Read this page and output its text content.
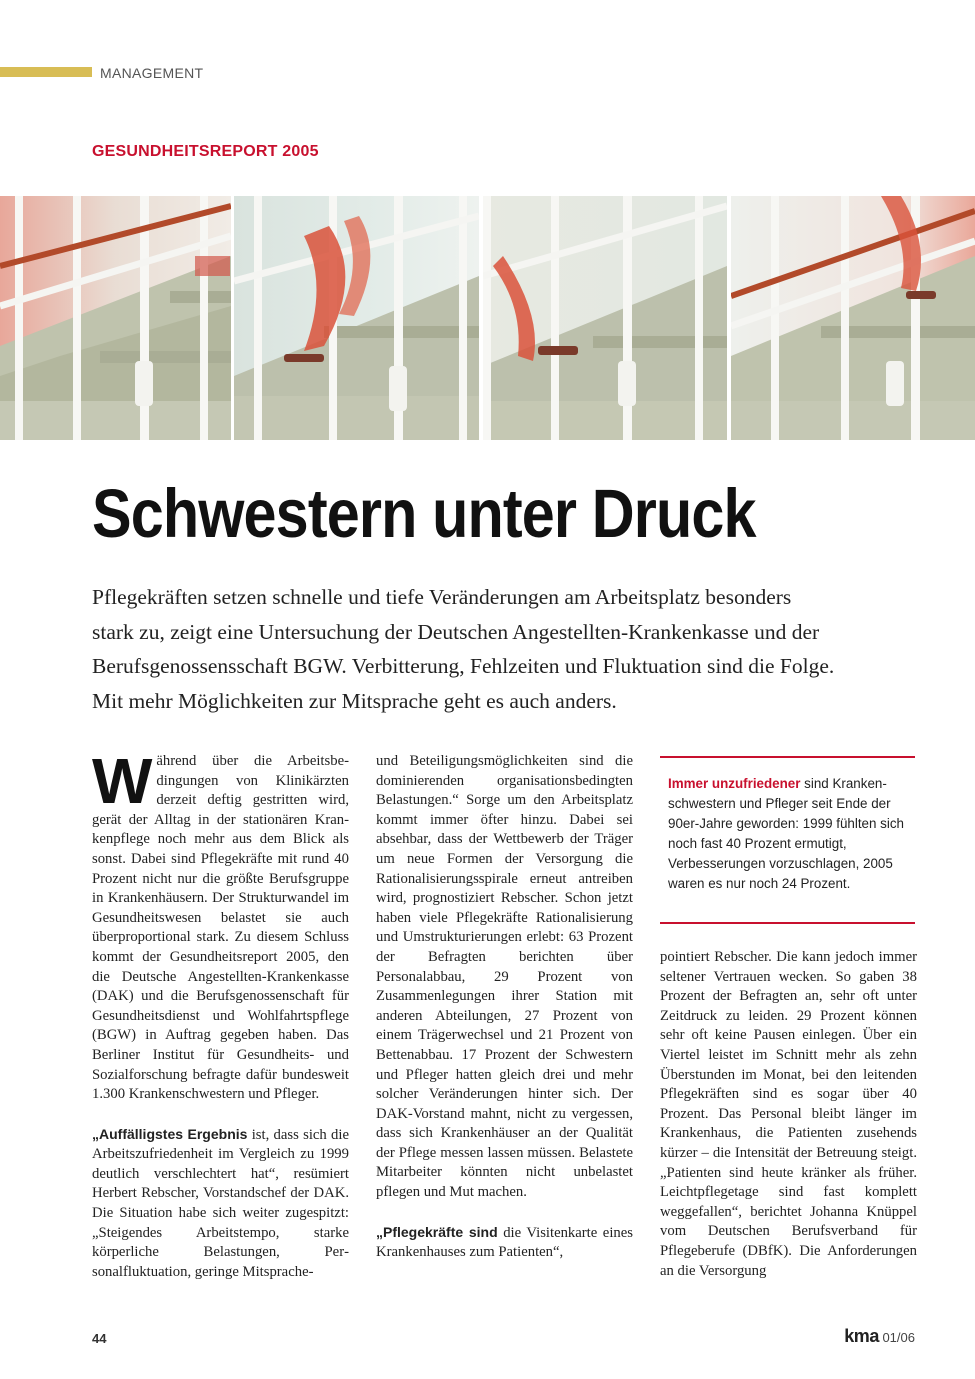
MANAGEMENT
GESUNDHEITSREPORT 2005
Schwestern unter Druck
Pflegekräften setzen schnelle und tiefe Veränderungen am Arbeitsplatz besonders
stark zu, zeigt eine Untersuchung der Deutschen Angestellten-Krankenkasse und der
Berufsgenossensschaft BGW. Verbitterung, Fehlzeiten und Fluktuation sind die Folge.
Mit mehr Möglichkeiten zur Mitsprache geht es auch anders.

Während über die Arbeitsbedingungen von Klinikärzten derzeit deftig gestritten wird, gerät der Alltag in der stationären Krankenpflege noch mehr aus dem Blick als sonst. Dabei sind Pflegekräfte mit rund 40 Prozent nicht nur die größte Berufsgruppe in Krankenhäusern. Der Strukturwandel im Gesundheitswesen belastet sie auch überproportional stark. Zu diesem Schluss kommt der Gesundheitsreport 2005, den die Deutsche Angestellten-Krankenkasse (DAK) und die Berufsgenossenschaft für Gesundheitsdienst und Wohlfahrtspflege (BGW) in Auftrag gegeben haben. Das Berliner Institut für Gesundheits- und Sozialforschung befragte dafür bundesweit 1.300 Krankenschwestern und Pfleger.

„Auffälligstes Ergebnis ist, dass sich die Arbeitszufriedenheit im Vergleich zu 1999 deutlich verschlechtert hat“, resümiert Herbert Rebscher, Vorstandschef der DAK. Die Situation habe sich weiter zugespitzt: „Steigendes Arbeitstempo, starke körperliche Belastungen, Personalfluktuation, geringe Mitsprache-

und Beteiligungsmöglichkeiten sind die dominierenden organisationsbedingten Belastungen.“ Sorge um den Arbeitsplatz kommt immer öfter hinzu. Dabei sei absehbar, dass der Wettbewerb der Träger um neue Formen der Versorgung die Rationalisierungsspirale erneut antreiben wird, prognostiziert Rebscher. Schon jetzt haben viele Pflegekräfte Rationalisierung und Umstrukturierungen erlebt: 63 Prozent der Befragten berichten über Personalabbau, 29 Prozent von Zusammenlegungen ihrer Station mit anderen Abteilungen, 27 Prozent von einem Trägerwechsel und 21 Prozent von Bettenabbau. 17 Prozent der Schwestern und Pfleger hatten gleich drei und mehr solcher Veränderungen hinter sich. Der DAK-Vorstand mahnt, nicht zu vergessen, dass sich Krankenhäuser an der Qualität der Pflege messen lassen müssen. Belastete Mitarbeiter könnten nicht unbelastet pflegen und Mut machen.

„Pflegekräfte sind die Visitenkarte eines Krankenhauses zum Patienten“,

Immer unzufriedener sind Krankenschwestern und Pfleger seit Ende der 90er-Jahre geworden: 1999 fühlten sich noch fast 40 Prozent ermutigt, Verbesserungen vorzuschlagen, 2005 waren es nur noch 24 Prozent.

pointiert Rebscher. Die kann jedoch immer seltener Vertrauen wecken. So gaben 38 Prozent der Befragten an, sehr oft unter Zeitdruck zu leiden. 29 Prozent können sehr oft keine Pausen einlegen. Über ein Viertel leistet im Schnitt mehr als zehn Überstunden im Monat, bei den leitenden Pflegekräften sind es sogar über 40 Prozent. Das Personal bleibt länger im Krankenhaus, die Patienten zusehends kürzer – die Intensität der Betreuung steigt. „Patienten sind heute kränker als früher. Leichtpflegetage sind fast komplett weggefallen“, berichtet Johanna Knüppel vom Deutschen Berufsverband für Pflegeberufe (DBfK). Die Anforderungen an die Versorgung

44	kma 01/06
